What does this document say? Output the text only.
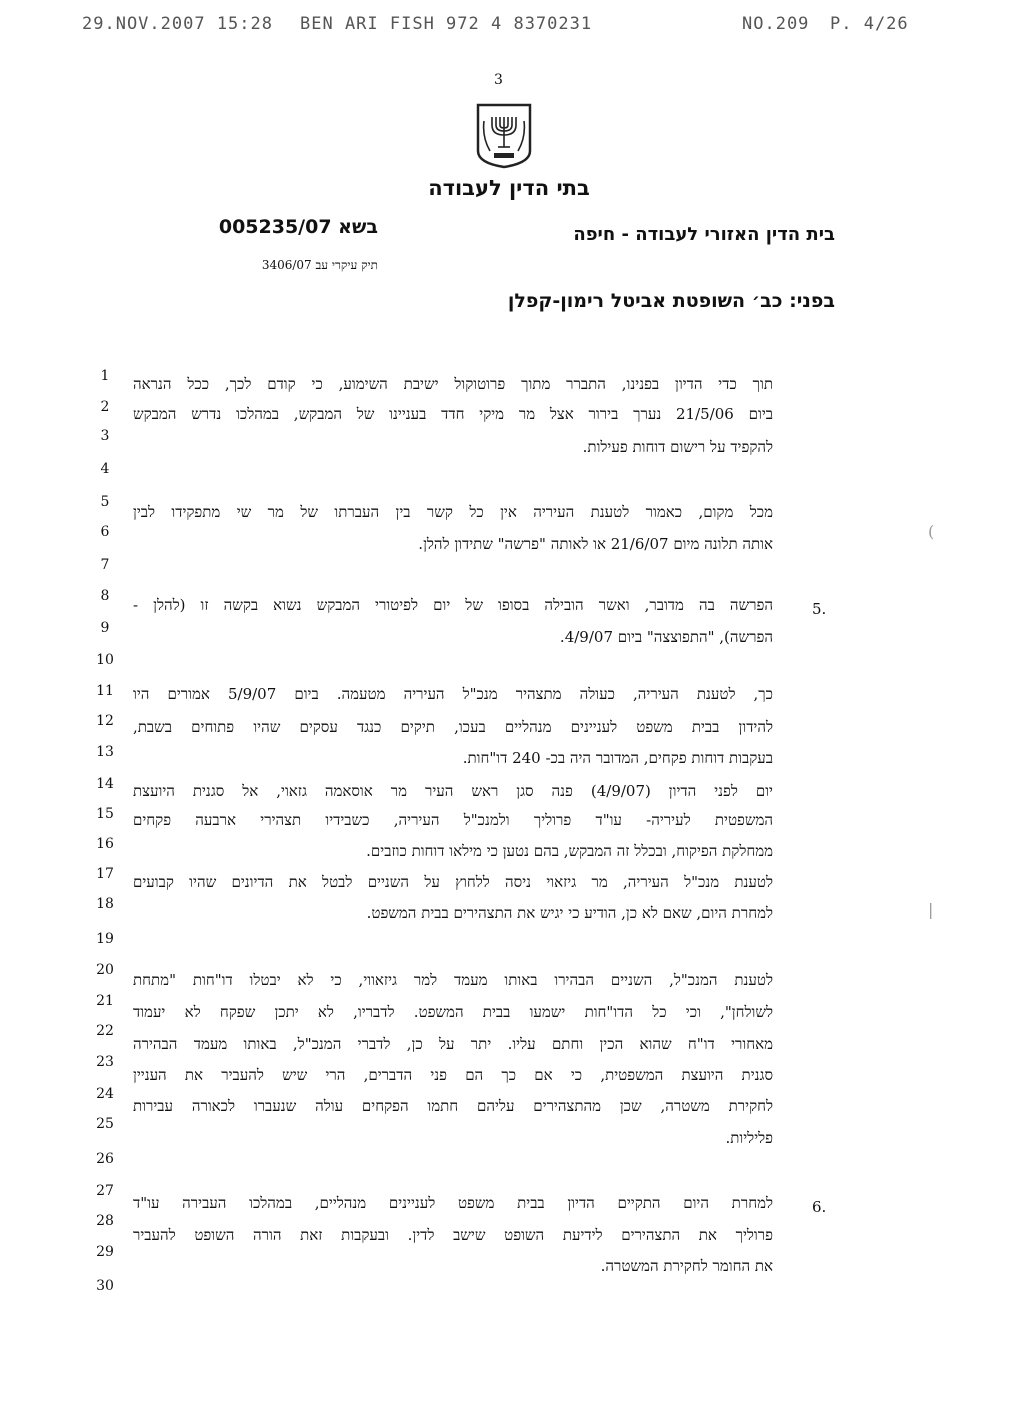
29.NOV.2007 15:28 BEN ARI FISH 972 4 8370231	NO.209 P. 4/26
3
בתי הדין לעבודה
בית הדין האזורי לעבודה - חיפה
בשא 005235/07
תיק עיקרי עב 3406/07
בפני: כב׳ השופטת אביטל רימון-קפלן
1
2
3
4
5
6
7
8
9
10
11
12
13
14
15
16
17
18
19
20
21
22
23
24
25
26
27
28
29
30
5.
6.
תוך כדי הדיון בפנינו, התברר מתוך פרוטוקול ישיבת השימוע, כי קודם לכך, ככל הנראה
ביום 21/5/06 נערך בירור אצל מר מיקי חדד בעניינו של המבקש, במהלכו נדרש המבקש
להקפיד על רישום דוחות פעילות.
מכל מקום, כאמור לטענת העיריה אין כל קשר בין העברתו של מר שי מתפקידו לבין
אותה תלונה מיום 21/6/07 או לאותה "פרשה" שתידון להלן.
הפרשה בה מדובר, ואשר הובילה בסופו של יום לפיטורי המבקש נשוא בקשה זו (להלן -
הפרשה), "התפוצצה" ביום 4/9/07.
כך, לטענת העיריה, כעולה מתצהיר מנכ"ל העיריה מטעמה. ביום 5/9/07 אמורים היו
להידון בבית משפט לעניינים מנהליים בעכו, תיקים כנגד עסקים שהיו פתוחים בשבת,
בעקבות דוחות פקחים, המדובר היה בכ- 240 דו"חות.
יום לפני הדיון (4/9/07) פנה סגן ראש העיר מר אוסאמה גזאוי, אל סגנית היועצת
המשפטית לעיריה- עו"ד פרוליך ולמנכ"ל העיריה, כשבידיו תצהירי ארבעה פקחים
ממחלקת הפיקוח, ובכלל זה המבקש, בהם נטען כי מילאו דוחות כוזבים.
לטענת מנכ"ל העיריה, מר גיזאוי ניסה ללחוץ על השניים לבטל את הדיונים שהיו קבועים
למחרת היום, שאם לא כן, הודיע כי יגיש את התצהירים בבית המשפט.
לטענת המנכ"ל, השניים הבהירו באותו מעמד למר גיזאווי, כי לא יבטלו דו"חות "מתחת
לשולחן", וכי כל הדו"חות ישמעו בבית המשפט. לדבריו, לא יתכן שפקח לא יעמוד
מאחורי דו"ח שהוא הכין וחתם עליו. יתר על כן, לדברי המנכ"ל, באותו מעמד הבהירה
סגנית היועצת המשפטית, כי אם כך הם פני הדברים, הרי שיש להעביר את העניין
לחקירת משטרה, שכן מהתצהירים עליהם חתמו הפקחים עולה שנעברו לכאורה עבירות
פליליות.
למחרת היום התקיים הדיון בבית משפט לעניינים מנהליים, במהלכו העבירה עו"ד
פרוליך את התצהירים לידיעת השופט שישב לדין. ובעקבות זאת הורה השופט להעביר
את החומר לחקירת המשטרה.
(
|
